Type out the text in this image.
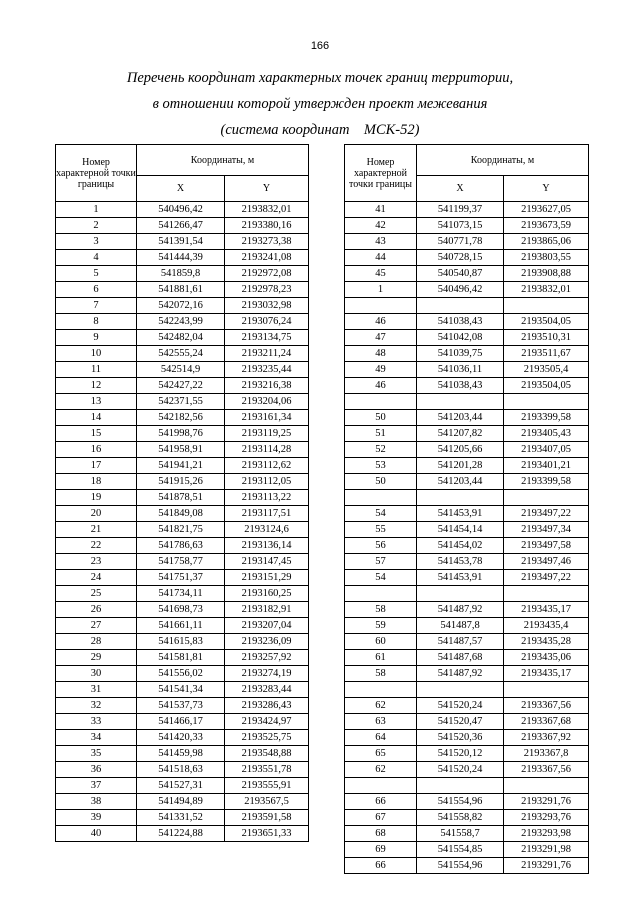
166
Перечень координат характерных точек границ территории,
в отношении которой утвержден проект межевания
(система координат    МСК-52)
Номер характерной точки границы	Координаты, м	
	X	Y
1	540496,42	2193832,01
2	541266,47	2193380,16
3	541391,54	2193273,38
4	541444,39	2193241,08
5	541859,8	2192972,08
6	541881,61	2192978,23
7	542072,16	2193032,98
8	542243,99	2193076,24
9	542482,04	2193134,75
10	542555,24	2193211,24
11	542514,9	2193235,44
12	542427,22	2193216,38
13	542371,55	2193204,06
14	542182,56	2193161,34
15	541998,76	2193119,25
16	541958,91	2193114,28
17	541941,21	2193112,62
18	541915,26	2193112,05
19	541878,51	2193113,22
20	541849,08	2193117,51
21	541821,75	2193124,6
22	541786,63	2193136,14
23	541758,77	2193147,45
24	541751,37	2193151,29
25	541734,11	2193160,25
26	541698,73	2193182,91
27	541661,11	2193207,04
28	541615,83	2193236,09
29	541581,81	2193257,92
30	541556,02	2193274,19
31	541541,34	2193283,44
32	541537,73	2193286,43
33	541466,17	2193424,97
34	541420,33	2193525,75
35	541459,98	2193548,88
36	541518,63	2193551,78
37	541527,31	2193555,91
38	541494,89	2193567,5
39	541331,52	2193591,58
40	541224,88	2193651,33
Номер характерной точки границы	Координаты, м	
	X	Y
41	541199,37	2193627,05
42	541073,15	2193673,59
43	540771,78	2193865,06
44	540728,15	2193803,55
45	540540,87	2193908,88
1	540496,42	2193832,01

46	541038,43	2193504,05
47	541042,08	2193510,31
48	541039,75	2193511,67
49	541036,11	2193505,4
46	541038,43	2193504,05

50	541203,44	2193399,58
51	541207,82	2193405,43
52	541205,66	2193407,05
53	541201,28	2193401,21
50	541203,44	2193399,58

54	541453,91	2193497,22
55	541454,14	2193497,34
56	541454,02	2193497,58
57	541453,78	2193497,46
54	541453,91	2193497,22

58	541487,92	2193435,17
59	541487,8	2193435,4
60	541487,57	2193435,28
61	541487,68	2193435,06
58	541487,92	2193435,17

62	541520,24	2193367,56
63	541520,47	2193367,68
64	541520,36	2193367,92
65	541520,12	2193367,8
62	541520,24	2193367,56

66	541554,96	2193291,76
67	541558,82	2193293,76
68	541558,7	2193293,98
69	541554,85	2193291,98
66	541554,96	2193291,76
